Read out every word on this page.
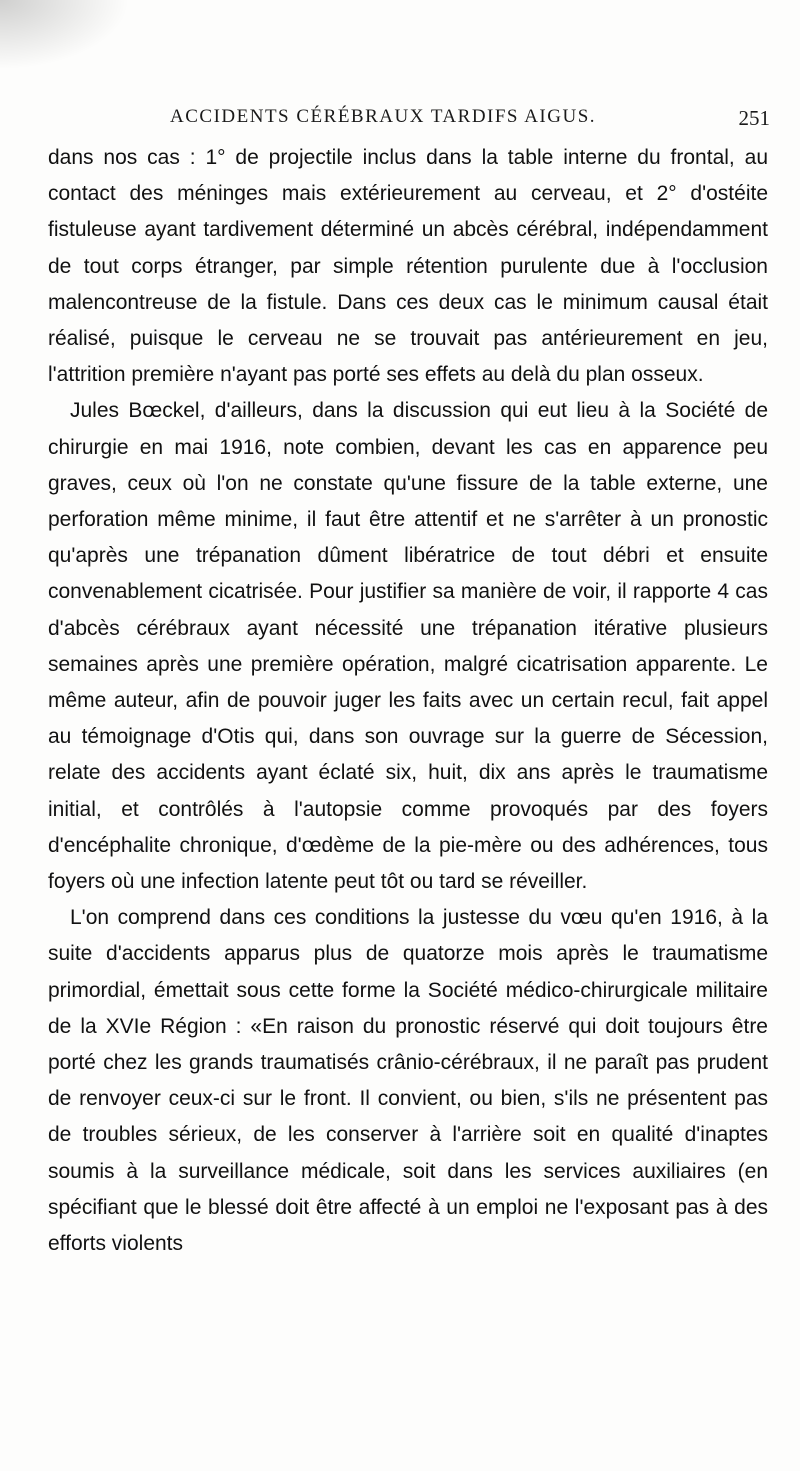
ACCIDENTS CÉRÉBRAUX TARDIFS AIGUS.	251

dans nos cas : 1° de projectile inclus dans la table interne du frontal, au contact des méninges mais extérieurement au cerveau, et 2° d'ostéite fistuleuse ayant tardivement déterminé un abcès cérébral, indépendamment de tout corps étranger, par simple rétention purulente due à l'occlusion malencontreuse de la fistule. Dans ces deux cas le minimum causal était réalisé, puisque le cerveau ne se trouvait pas antérieurement en jeu, l'attrition première n'ayant pas porté ses effets au delà du plan osseux.

Jules Bœckel, d'ailleurs, dans la discussion qui eut lieu à la Société de chirurgie en mai 1916, note combien, devant les cas en apparence peu graves, ceux où l'on ne constate qu'une fissure de la table externe, une perforation même minime, il faut être attentif et ne s'arrêter à un pronostic qu'après une trépanation dûment libératrice de tout débri et ensuite convenablement cicatrisée. Pour justifier sa manière de voir, il rapporte 4 cas d'abcès cérébraux ayant nécessité une trépanation itérative plusieurs semaines après une première opération, malgré cicatrisation apparente. Le même auteur, afin de pouvoir juger les faits avec un certain recul, fait appel au témoignage d'Otis qui, dans son ouvrage sur la guerre de Sécession, relate des accidents ayant éclaté six, huit, dix ans après le traumatisme initial, et contrôlés à l'autopsie comme provoqués par des foyers d'encéphalite chronique, d'œdème de la pie-mère ou des adhérences, tous foyers où une infection latente peut tôt ou tard se réveiller.

L'on comprend dans ces conditions la justesse du vœu qu'en 1916, à la suite d'accidents apparus plus de quatorze mois après le traumatisme primordial, émettait sous cette forme la Société médico-chirurgicale militaire de la XVIe Région : «En raison du pronostic réservé qui doit toujours être porté chez les grands traumatisés crânio-cérébraux, il ne paraît pas prudent de renvoyer ceux-ci sur le front. Il convient, ou bien, s'ils ne présentent pas de troubles sérieux, de les conserver à l'arrière soit en qualité d'inaptes soumis à la surveillance médicale, soit dans les services auxiliaires (en spécifiant que le blessé doit être affecté à un emploi ne l'exposant pas à des efforts violents
